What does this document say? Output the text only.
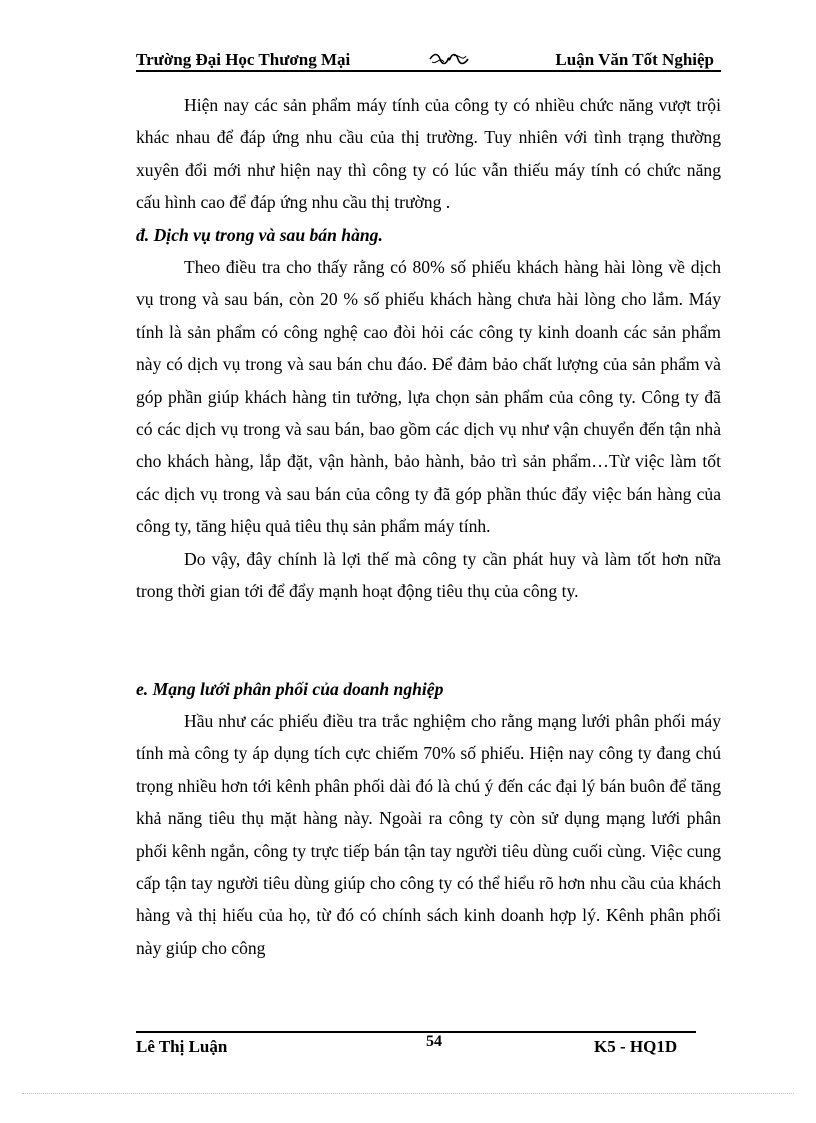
Trường Đại Học Thương Mại	Luận Văn Tốt Nghiệp

Hiện nay các sản phẩm máy tính của công ty có nhiều chức năng vượt trội khác nhau để đáp ứng nhu cầu của thị trường. Tuy nhiên với tình trạng thường xuyên đổi mới như hiện nay thì công ty có lúc vẫn thiếu máy tính có chức năng cấu hình cao để đáp ứng nhu cầu thị trường .

đ. Dịch vụ trong và sau bán hàng.

Theo điều tra cho thấy rằng có 80% số phiếu khách hàng hài lòng về dịch vụ trong và sau bán, còn 20 % số phiếu khách hàng chưa hài lòng cho lắm. Máy tính là sản phẩm có công nghệ cao đòi hỏi các công ty kinh doanh các sản phẩm này có dịch vụ trong và sau bán chu đáo. Để đảm bảo chất lượng của sản phẩm và góp phần giúp khách hàng tin tưởng, lựa chọn sản phẩm của công ty. Công ty đã có các dịch vụ trong và sau bán, bao gồm các dịch vụ như vận chuyển đến tận nhà cho khách hàng, lắp đặt, vận hành, bảo hành, bảo trì sản phẩm…Từ việc làm tốt các dịch vụ trong và sau bán của công ty đã góp phần thúc đẩy việc bán hàng của công ty, tăng hiệu quả tiêu thụ sản phẩm máy tính.

Do vậy, đây chính là lợi thế mà công ty cần phát huy và làm tốt hơn nữa trong thời gian tới để đẩy mạnh hoạt động tiêu thụ của công ty.

e. Mạng lưới phân phối của doanh nghiệp

Hầu như các phiếu điều tra trắc nghiệm cho rằng mạng lưới phân phối máy tính mà công ty áp dụng tích cực chiếm 70% số phiếu. Hiện nay công ty đang chú trọng nhiều hơn tới kênh phân phối dài đó là chú ý đến các đại lý bán buôn để tăng khả năng tiêu thụ mặt hàng này. Ngoài ra công ty còn sử dụng mạng lưới phân phối kênh ngắn, công ty trực tiếp bán tận tay người tiêu dùng cuối cùng. Việc cung cấp tận tay người tiêu dùng giúp cho công ty có thể hiểu rõ hơn nhu cầu của khách hàng và thị hiếu của họ, từ đó có chính sách kinh doanh hợp lý. Kênh phân phối này giúp cho công

Lê Thị Luận	54	K5 - HQ1D
